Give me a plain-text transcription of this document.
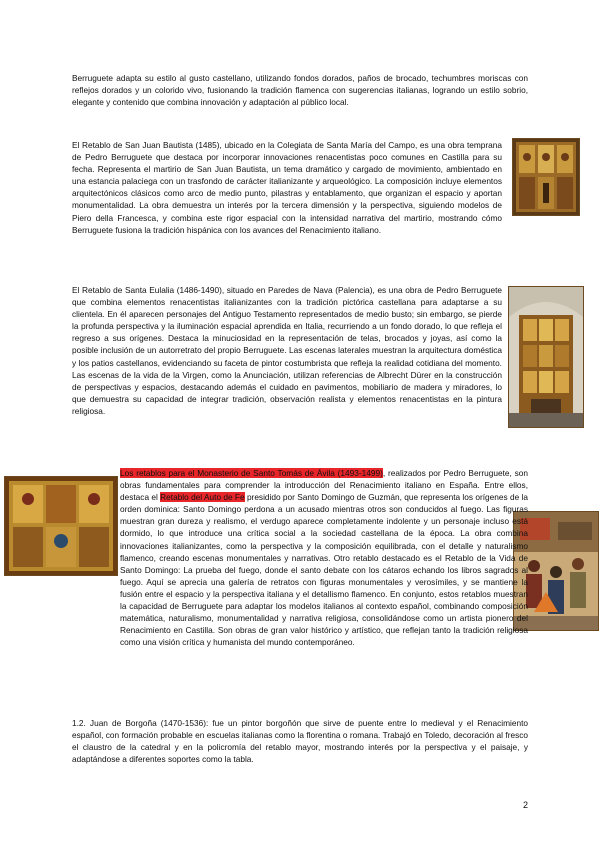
Berruguete adapta su estilo al gusto castellano, utilizando fondos dorados, paños de brocado, techumbres moriscas con reflejos dorados y un colorido vivo, fusionando la tradición flamenca con sugerencias italianas, logrando un estilo sobrio, elegante y contenido que combina innovación y adaptación al público local.

El Retablo de San Juan Bautista (1485), ubicado en la Colegiata de Santa María del Campo, es una obra temprana de Pedro Berruguete que destaca por incorporar innovaciones renacentistas poco comunes en Castilla para su fecha. Representa el martirio de San Juan Bautista, un tema dramático y cargado de movimiento, ambientado en una estancia palaciega con un trasfondo de carácter italianizante y arqueológico. La composición incluye elementos arquitectónicos clásicos como arco de medio punto, pilastras y entablamento, que organizan el espacio y aportan monumentalidad. La obra demuestra un interés por la tercera dimensión y la perspectiva, siguiendo modelos de Piero della Francesca, y combina este rigor espacial con la intensidad narrativa del martirio, mostrando cómo Berruguete fusiona la tradición hispánica con los avances del Renacimiento italiano.

El Retablo de Santa Eulalia (1486-1490), situado en Paredes de Nava (Palencia), es una obra de Pedro Berruguete que combina elementos renacentistas italianizantes con la tradición pictórica castellana para adaptarse a su clientela. En él aparecen personajes del Antiguo Testamento representados de medio busto; sin embargo, se pierde la profunda perspectiva y la iluminación espacial aprendida en Italia, recurriendo a un fondo dorado, lo que refleja el regreso a sus orígenes. Destaca la minuciosidad en la representación de telas, brocados y joyas, así como la posible inclusión de un autorretrato del propio Berruguete. Las escenas laterales muestran la arquitectura doméstica y los patios castellanos, evidenciando su faceta de pintor costumbrista que refleja la realidad cotidiana del momento. Las escenas de la vida de la Virgen, como la Anunciación, utilizan referencias de Albrecht Dürer en la construcción de perspectivas y espacios, destacando además el cuidado en pavimentos, mobiliario de madera y miradores, lo que demuestra su capacidad de integrar tradición, observación realista y elementos renacentistas en la pintura religiosa.

Los retablos para el Monasterio de Santo Tomás de Ávila (1493-1499), realizados por Pedro Berruguete, son obras fundamentales para comprender la introducción del Renacimiento italiano en España. Entre ellos, destaca el Retablo del Auto de Fe presidido por Santo Domingo de Guzmán, que representa los orígenes de la orden dominica: Santo Domingo perdona a un acusado mientras otros son conducidos al fuego. Las figuras muestran gran dureza y realismo, el verdugo aparece completamente indolente y un personaje incluso está dormido, lo que introduce una crítica social a la sociedad castellana de la época. La obra combina innovaciones italianizantes, como la perspectiva y la composición equilibrada, con el detalle y naturalismo flamenco, creando escenas monumentales y narrativas. Otro retablo destacado es el Retablo de la Vida de Santo Domingo: La prueba del fuego, donde el santo debate con los cátaros echando los libros sagrados al fuego. Aquí se aprecia una galería de retratos con figuras monumentales y verosímiles, y se mantiene la fusión entre el espacio y la perspectiva italiana y el detallismo flamenco. En conjunto, estos retablos muestran la capacidad de Berruguete para adaptar los modelos italianos al contexto español, combinando composición matemática, naturalismo, monumentalidad y narrativa religiosa, consolidándose como un artista pionero del Renacimiento en Castilla. Son obras de gran valor histórico y artístico, que reflejan tanto la tradición religiosa como una visión crítica y humanista del mundo contemporáneo.

1.2. Juan de Borgoña (1470-1536): fue un pintor borgoñón que sirve de puente entre lo medieval y el Renacimiento español, con formación probable en escuelas italianas como la florentina o romana. Trabajó en Toledo, decoración al fresco el claustro de la catedral y en la policromía del retablo mayor, mostrando interés por la perspectiva y el paisaje, y adaptándose a diferentes soportes como la tabla.

2
